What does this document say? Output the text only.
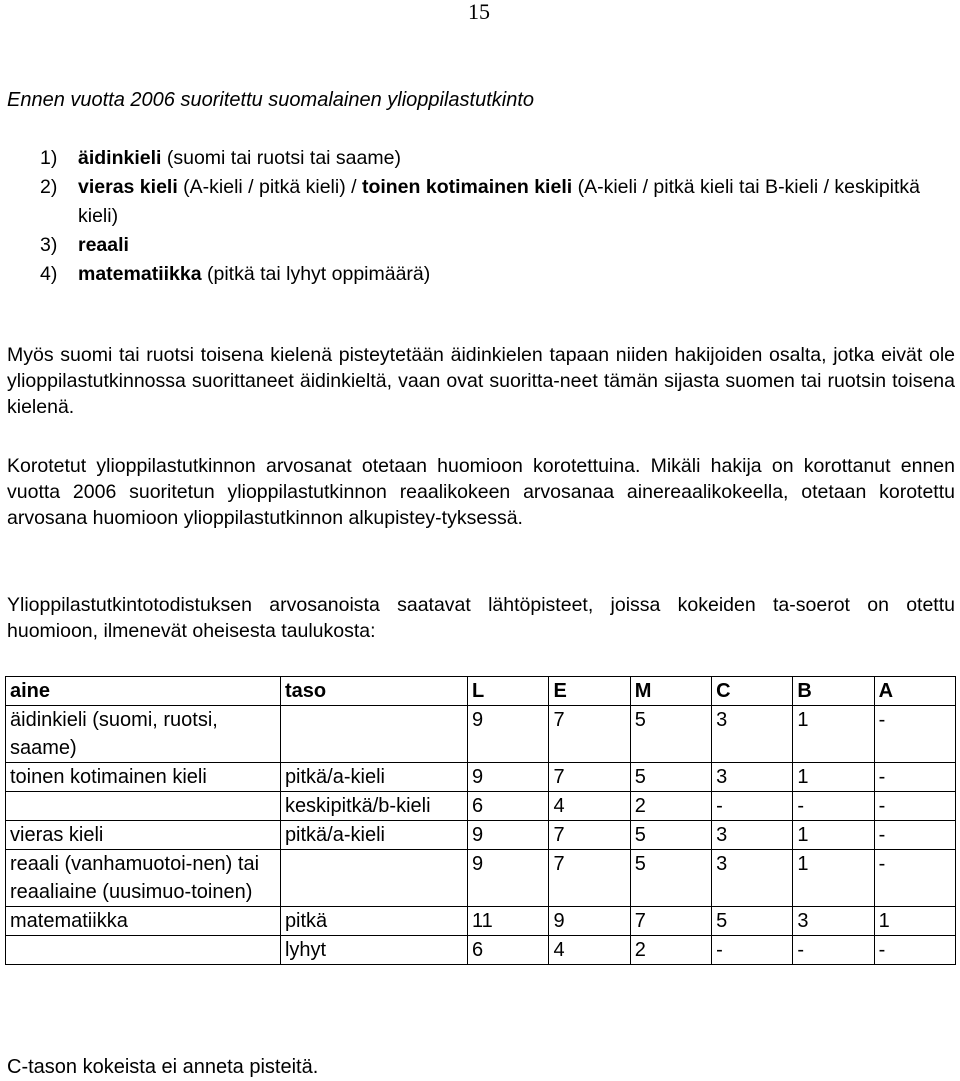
15
Ennen vuotta 2006 suoritettu suomalainen ylioppilastutkinto
1)	äidinkieli (suomi tai ruotsi tai saame)
2)	vieras kieli (A-kieli / pitkä kieli) / toinen kotimainen kieli (A-kieli / pitkä kieli tai B-kieli / keskipitkä kieli)
3)	reaali
4)	matematiikka (pitkä tai lyhyt oppimäärä)

Myös suomi tai ruotsi toisena kielenä pisteytetään äidinkielen tapaan niiden hakijoiden osalta, jotka eivät ole ylioppilastutkinnossa suorittaneet äidinkieltä, vaan ovat suoritta-neet tämän sijasta suomen tai ruotsin toisena kielenä.

Korotetut ylioppilastutkinnon arvosanat otetaan huomioon korotettuina. Mikäli hakija on korottanut ennen vuotta 2006 suoritetun ylioppilastutkinnon reaalikokeen arvosanaa ainereaalikokeella, otetaan korotettu arvosana huomioon ylioppilastutkinnon alkupistey-tyksessä.

Ylioppilastutkintotodistuksen arvosanoista saatavat lähtöpisteet, joissa kokeiden ta-soerot on otettu huomioon, ilmenevät oheisesta taulukosta:

aine	taso	L	E	M	C	B	A
äidinkieli (suomi, ruotsi, saame)		9	7	5	3	1	-
toinen kotimainen kieli	pitkä/a-kieli	9	7	5	3	1	-
	keskipitkä/b-kieli	6	4	2	-	-	-
vieras kieli	pitkä/a-kieli	9	7	5	3	1	-
reaali (vanhamuotoi-nen) tai reaaliaine (uusimuo-toinen)		9	7	5	3	1	-
matematiikka	pitkä	11	9	7	5	3	1
	lyhyt	6	4	2	-	-	-
C-tason kokeista ei anneta pisteitä.
